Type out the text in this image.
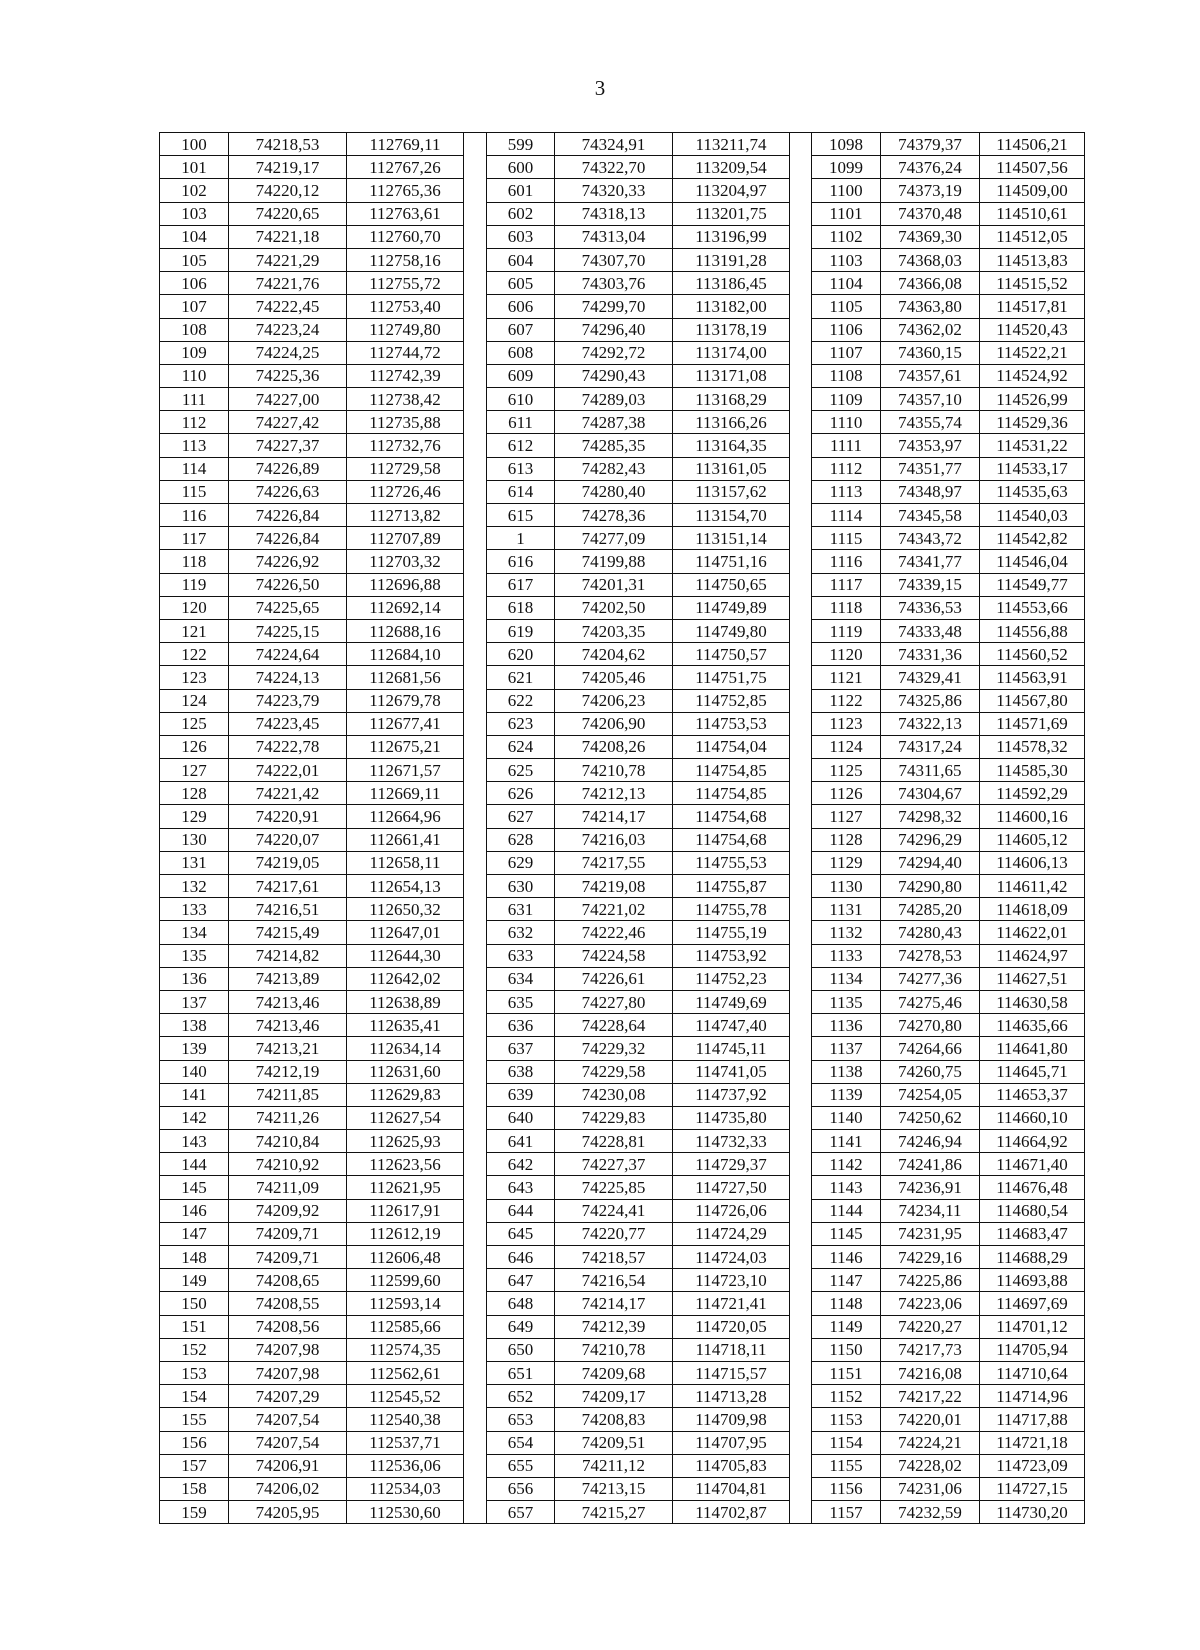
3
100	74218,53	112769,11		599	74324,91	113211,74		1098	74379,37	114506,21
101	74219,17	112767,26		600	74322,70	113209,54		1099	74376,24	114507,56
102	74220,12	112765,36		601	74320,33	113204,97		1100	74373,19	114509,00
103	74220,65	112763,61		602	74318,13	113201,75		1101	74370,48	114510,61
104	74221,18	112760,70		603	74313,04	113196,99		1102	74369,30	114512,05
105	74221,29	112758,16		604	74307,70	113191,28		1103	74368,03	114513,83
106	74221,76	112755,72		605	74303,76	113186,45		1104	74366,08	114515,52
107	74222,45	112753,40		606	74299,70	113182,00		1105	74363,80	114517,81
108	74223,24	112749,80		607	74296,40	113178,19		1106	74362,02	114520,43
109	74224,25	112744,72		608	74292,72	113174,00		1107	74360,15	114522,21
110	74225,36	112742,39		609	74290,43	113171,08		1108	74357,61	114524,92
111	74227,00	112738,42		610	74289,03	113168,29		1109	74357,10	114526,99
112	74227,42	112735,88		611	74287,38	113166,26		1110	74355,74	114529,36
113	74227,37	112732,76		612	74285,35	113164,35		1111	74353,97	114531,22
114	74226,89	112729,58		613	74282,43	113161,05		1112	74351,77	114533,17
115	74226,63	112726,46		614	74280,40	113157,62		1113	74348,97	114535,63
116	74226,84	112713,82		615	74278,36	113154,70		1114	74345,58	114540,03
117	74226,84	112707,89		1	74277,09	113151,14		1115	74343,72	114542,82
118	74226,92	112703,32		616	74199,88	114751,16		1116	74341,77	114546,04
119	74226,50	112696,88		617	74201,31	114750,65		1117	74339,15	114549,77
120	74225,65	112692,14		618	74202,50	114749,89		1118	74336,53	114553,66
121	74225,15	112688,16		619	74203,35	114749,80		1119	74333,48	114556,88
122	74224,64	112684,10		620	74204,62	114750,57		1120	74331,36	114560,52
123	74224,13	112681,56		621	74205,46	114751,75		1121	74329,41	114563,91
124	74223,79	112679,78		622	74206,23	114752,85		1122	74325,86	114567,80
125	74223,45	112677,41		623	74206,90	114753,53		1123	74322,13	114571,69
126	74222,78	112675,21		624	74208,26	114754,04		1124	74317,24	114578,32
127	74222,01	112671,57		625	74210,78	114754,85		1125	74311,65	114585,30
128	74221,42	112669,11		626	74212,13	114754,85		1126	74304,67	114592,29
129	74220,91	112664,96		627	74214,17	114754,68		1127	74298,32	114600,16
130	74220,07	112661,41		628	74216,03	114754,68		1128	74296,29	114605,12
131	74219,05	112658,11		629	74217,55	114755,53		1129	74294,40	114606,13
132	74217,61	112654,13		630	74219,08	114755,87		1130	74290,80	114611,42
133	74216,51	112650,32		631	74221,02	114755,78		1131	74285,20	114618,09
134	74215,49	112647,01		632	74222,46	114755,19		1132	74280,43	114622,01
135	74214,82	112644,30		633	74224,58	114753,92		1133	74278,53	114624,97
136	74213,89	112642,02		634	74226,61	114752,23		1134	74277,36	114627,51
137	74213,46	112638,89		635	74227,80	114749,69		1135	74275,46	114630,58
138	74213,46	112635,41		636	74228,64	114747,40		1136	74270,80	114635,66
139	74213,21	112634,14		637	74229,32	114745,11		1137	74264,66	114641,80
140	74212,19	112631,60		638	74229,58	114741,05		1138	74260,75	114645,71
141	74211,85	112629,83		639	74230,08	114737,92		1139	74254,05	114653,37
142	74211,26	112627,54		640	74229,83	114735,80		1140	74250,62	114660,10
143	74210,84	112625,93		641	74228,81	114732,33		1141	74246,94	114664,92
144	74210,92	112623,56		642	74227,37	114729,37		1142	74241,86	114671,40
145	74211,09	112621,95		643	74225,85	114727,50		1143	74236,91	114676,48
146	74209,92	112617,91		644	74224,41	114726,06		1144	74234,11	114680,54
147	74209,71	112612,19		645	74220,77	114724,29		1145	74231,95	114683,47
148	74209,71	112606,48		646	74218,57	114724,03		1146	74229,16	114688,29
149	74208,65	112599,60		647	74216,54	114723,10		1147	74225,86	114693,88
150	74208,55	112593,14		648	74214,17	114721,41		1148	74223,06	114697,69
151	74208,56	112585,66		649	74212,39	114720,05		1149	74220,27	114701,12
152	74207,98	112574,35		650	74210,78	114718,11		1150	74217,73	114705,94
153	74207,98	112562,61		651	74209,68	114715,57		1151	74216,08	114710,64
154	74207,29	112545,52		652	74209,17	114713,28		1152	74217,22	114714,96
155	74207,54	112540,38		653	74208,83	114709,98		1153	74220,01	114717,88
156	74207,54	112537,71		654	74209,51	114707,95		1154	74224,21	114721,18
157	74206,91	112536,06		655	74211,12	114705,83		1155	74228,02	114723,09
158	74206,02	112534,03		656	74213,15	114704,81		1156	74231,06	114727,15
159	74205,95	112530,60		657	74215,27	114702,87		1157	74232,59	114730,20
